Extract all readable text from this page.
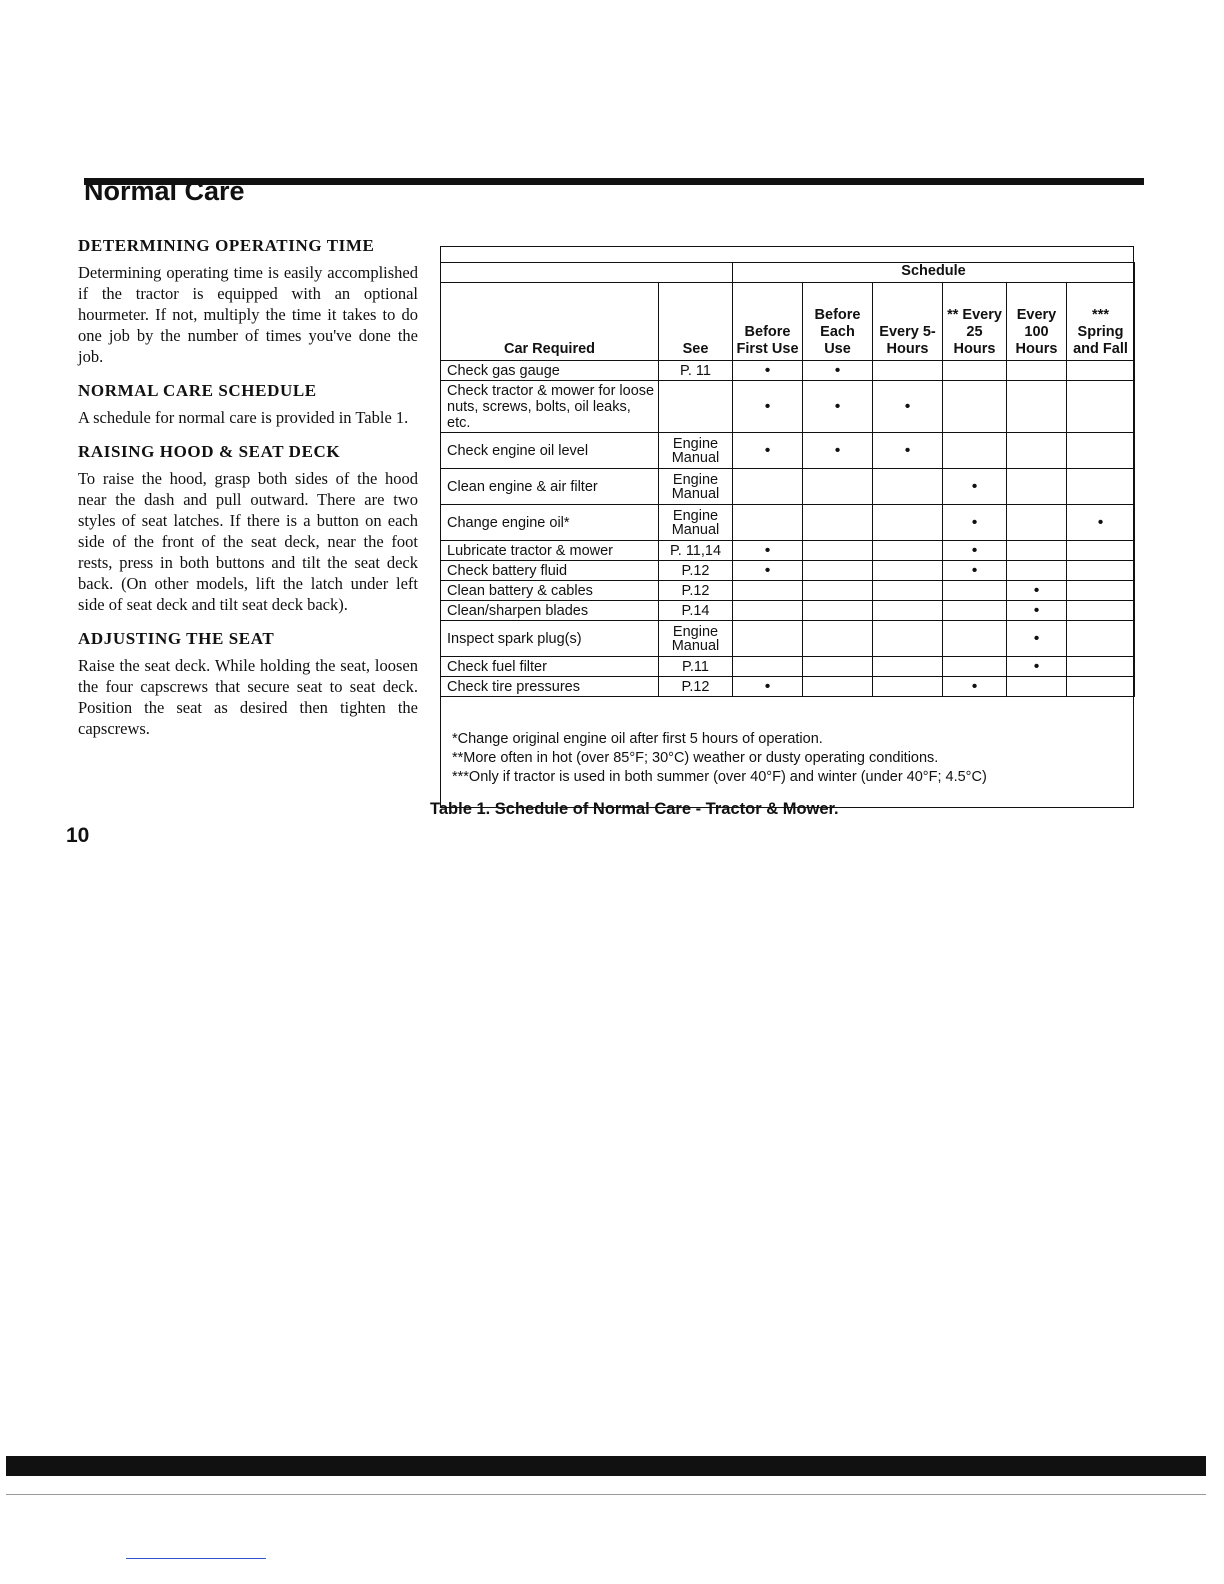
Normal Care
DETERMINING OPERATING TIME

Determining operating time is easily accomplished if the tractor is equipped with an optional hourmeter. If not, multiply the time it takes to do one job by the number of times you've done the job.

NORMAL CARE SCHEDULE

A schedule for normal care is provided in Table 1.

RAISING HOOD & SEAT DECK

To raise the hood, grasp both sides of the hood near the dash and pull outward. There are two styles of seat latches. If there is a button on each side of the front of the seat deck, near the foot rests, press in both buttons and tilt the seat deck back. (On other models, lift the latch under left side of seat deck and tilt seat deck back).

ADJUSTING THE SEAT

Raise the seat deck. While holding the seat, loosen the four capscrews that secure seat to seat deck. Position the seat as desired then tighten the capscrews.

10
		Schedule					
Car Required	See	Before First Use	Before Each Use	Every 5-Hours	** Every 25 Hours	Every 100 Hours	*** Spring and Fall
Check gas gauge	P. 11	•	•				
Check tractor & mower for loose nuts, screws, bolts, oil leaks, etc.		•	•	•			
Check engine oil level	Engine Manual	•	•	•			
Clean engine & air filter	Engine Manual				•		
Change engine oil*	Engine Manual				•		•
Lubricate tractor & mower	P. 11,14	•			•		
Check battery fluid	P.12	•			•		
Clean battery & cables	P.12					•	
Clean/sharpen blades	P.14					•	
Inspect spark plug(s)	Engine Manual					•	
Check fuel filter	P.11					•	
Check tire pressures	P.12	•			•		
*Change original engine oil after first 5 hours of operation.
**More often in hot (over 85°F; 30°C) weather or dusty operating conditions.
***Only if tractor is used in both summer (over 40°F) and winter (under 40°F; 4.5°C)
Table 1. Schedule of Normal Care - Tractor & Mower.
